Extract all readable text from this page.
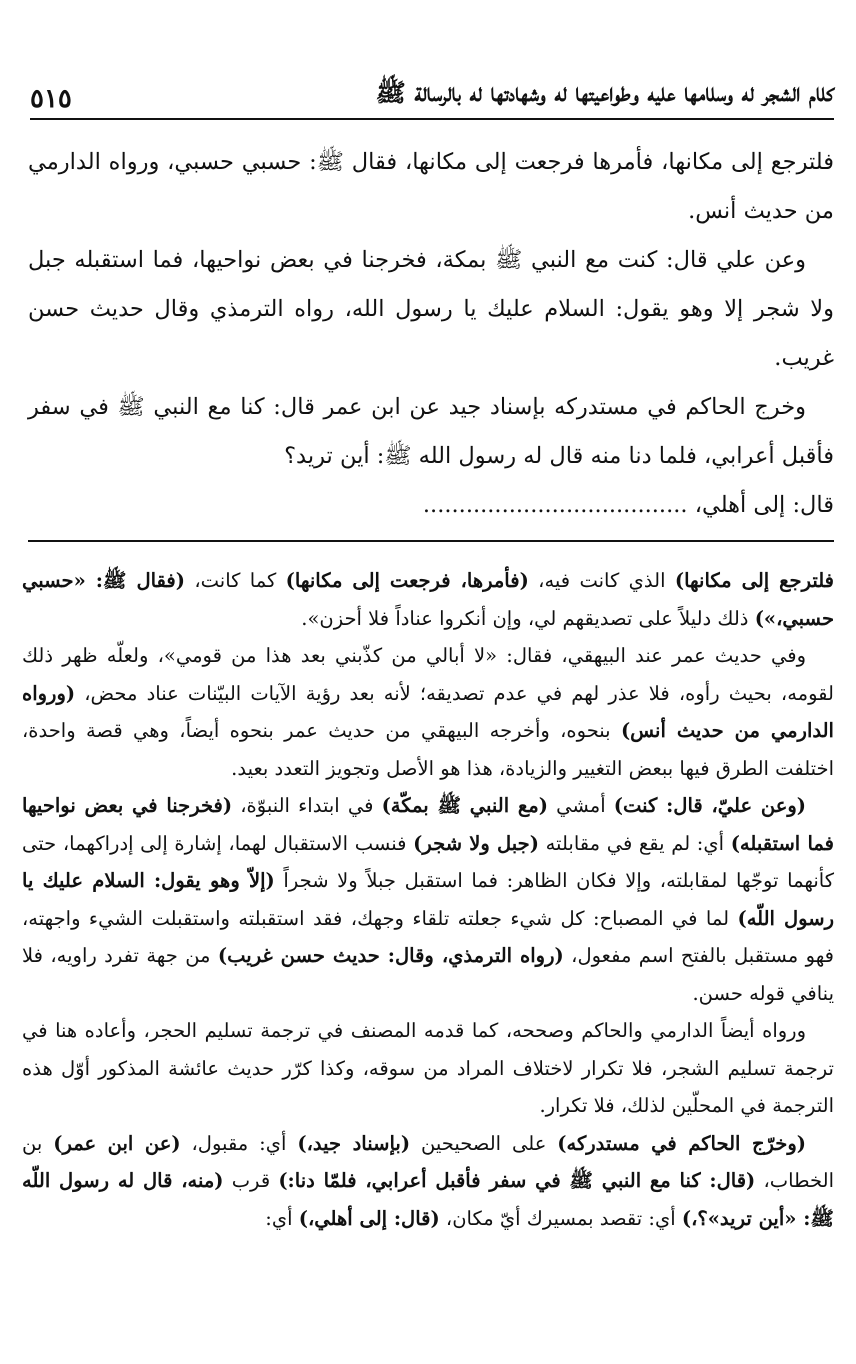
كلام الشجر له وسلامها عليه وطواعيتها له وشهادتها له بالرسالة ﷺ
٥١٥

فلترجع إلى مكانها، فأمرها فرجعت إلى مكانها، فقال ﷺ: حسبي حسبي، ورواه الدارمي من حديث أنس.

وعن علي قال: كنت مع النبي ﷺ بمكة، فخرجنا في بعض نواحيها، فما استقبله جبل ولا شجر إلا وهو يقول: السلام عليك يا رسول الله، رواه الترمذي وقال حديث حسن غريب.

وخرج الحاكم في مستدركه بإسناد جيد عن ابن عمر قال: كنا مع النبي ﷺ في سفر فأقبل أعرابي، فلما دنا منه قال له رسول الله ﷺ: أين تريد؟

قال: إلى أهلي، .....................................

فلترجع إلى مكانها) الذي كانت فيه، (فأمرها، فرجعت إلى مكانها) كما كانت، (فقال ﷺ: «حسبي حسبي،») ذلك دليلاً على تصديقهم لي، وإن أنكروا عناداً فلا أحزن».

وفي حديث عمر عند البيهقي، فقال: «لا أبالي من كذّبني بعد هذا من قومي»، ولعلّه ظهر ذلك لقومه، بحيث رأوه، فلا عذر لهم في عدم تصديقه؛ لأنه بعد رؤية الآيات البيّنات عناد محض، (ورواه الدارمي من حديث أنس) بنحوه، وأخرجه البيهقي من حديث عمر بنحوه أيضاً، وهي قصة واحدة، اختلفت الطرق فيها ببعض التغيير والزيادة، هذا هو الأصل وتجويز التعدد بعيد.

(وعن عليّ، قال: كنت) أمشي (مع النبي ﷺ بمكّة) في ابتداء النبوّة، (فخرجنا في بعض نواحيها فما استقبله) أي: لم يقع في مقابلته (جبل ولا شجر) فنسب الاستقبال لهما، إشارة إلى إدراكهما، حتى كأنهما توجّها لمقابلته، وإلا فكان الظاهر: فما استقبل جبلاً ولا شجراً (إلاّ وهو يقول: السلام عليك يا رسول اللّه) لما في المصباح: كل شيء جعلته تلقاء وجهك، فقد استقبلته واستقبلت الشيء واجهته، فهو مستقبل بالفتح اسم مفعول، (رواه الترمذي، وقال: حديث حسن غريب) من جهة تفرد راويه، فلا ينافي قوله حسن.

ورواه أيضاً الدارمي والحاكم وصححه، كما قدمه المصنف في ترجمة تسليم الحجر، وأعاده هنا في ترجمة تسليم الشجر، فلا تكرار لاختلاف المراد من سوقه، وكذا كرّر حديث عائشة المذكور أوّل هذه الترجمة في المحلّين لذلك، فلا تكرار.

(وخرّج الحاكم في مستدركه) على الصحيحين (بإسناد جيد،) أي: مقبول، (عن ابن عمر) بن الخطاب، (قال: كنا مع النبي ﷺ في سفر فأقبل أعرابي، فلمّا دنا:) قرب (منه، قال له رسول اللّه ﷺ: «أين تريد»؟،) أي: تقصد بمسيرك أيّ مكان، (قال: إلى أهلي،) أي:
